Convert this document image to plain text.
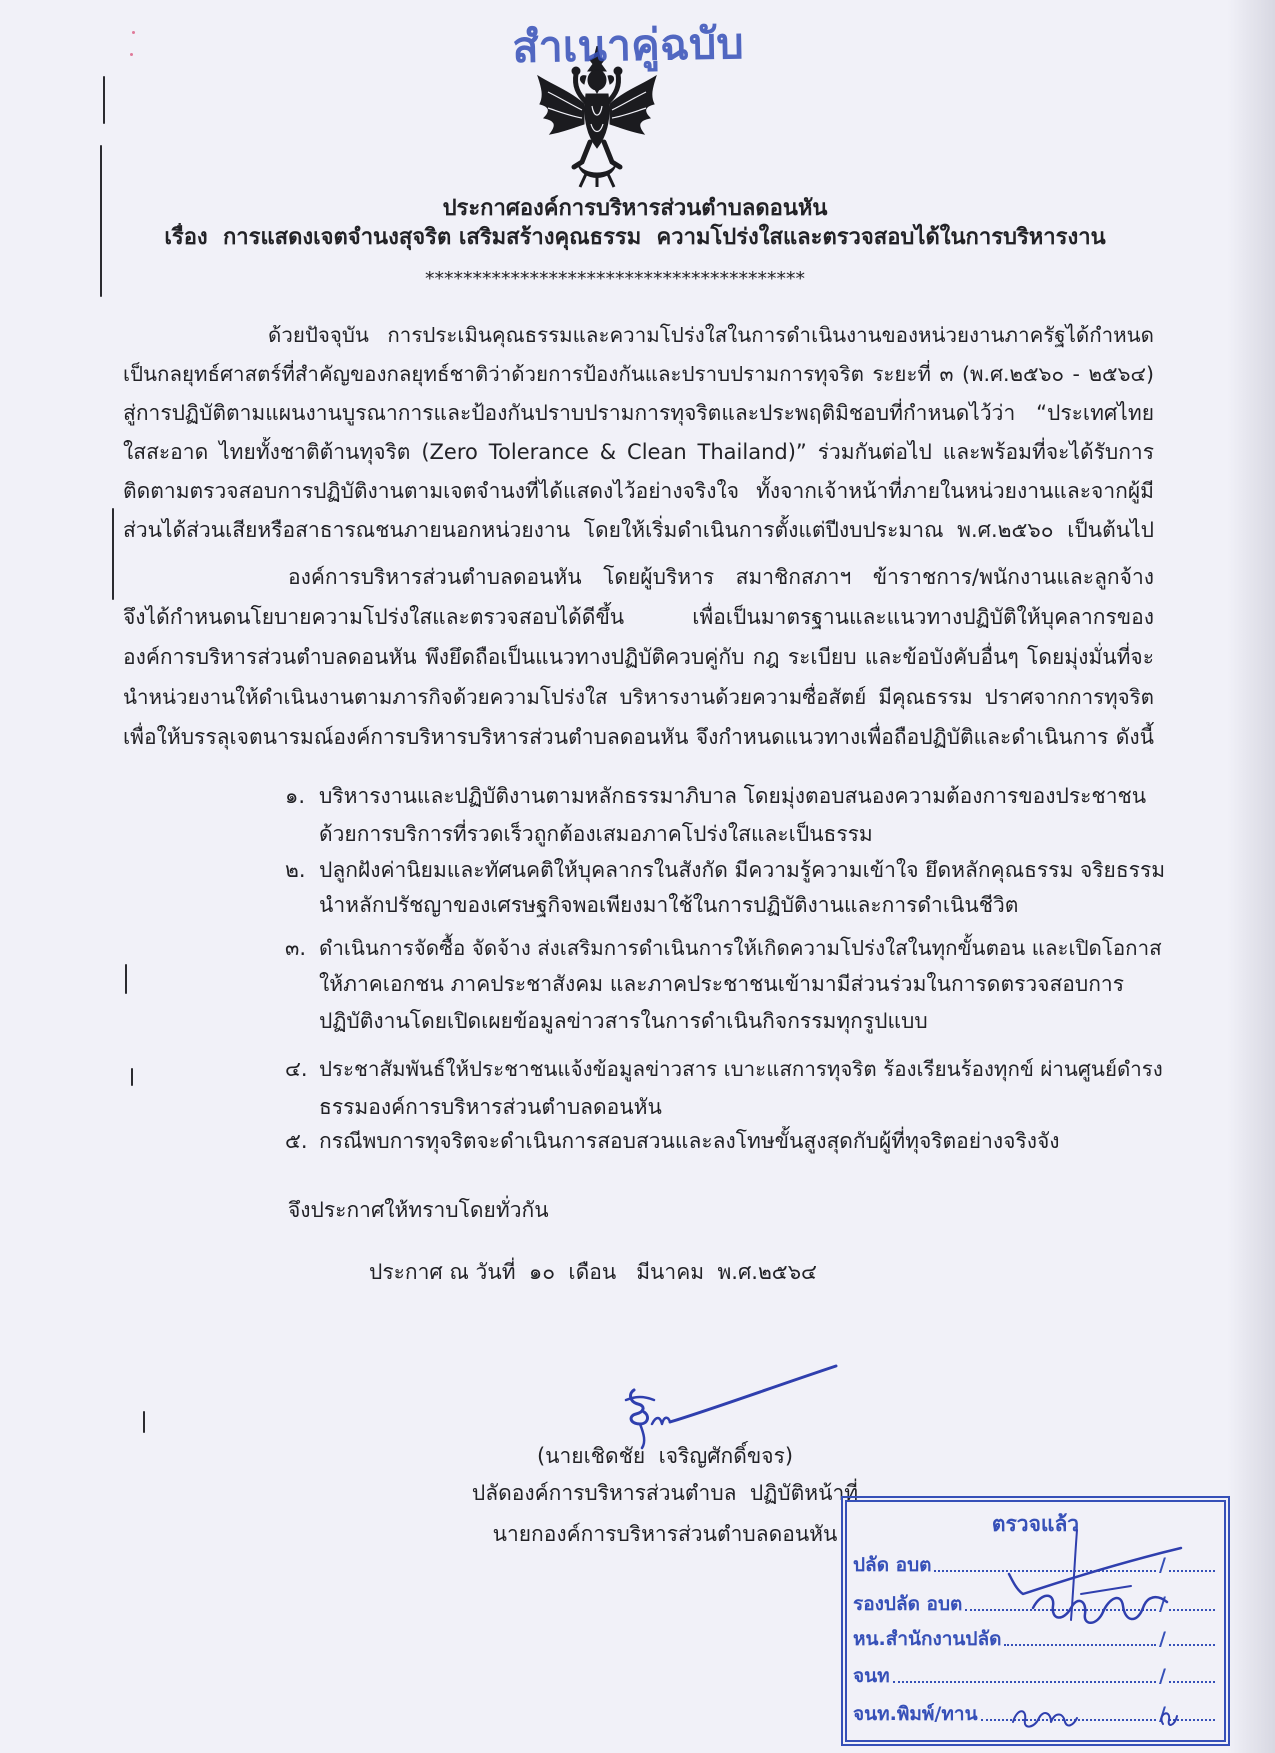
สำเนาคู่ฉบับ
ประกาศองค์การบริหารส่วนตำบลดอนหัน
เรื่อง  การแสดงเจตจำนงสุจริต เสริมสร้างคุณธรรม  ความโปร่งใสและตรวจสอบได้ในการบริหารงาน
****************************************
ด้วยปัจจุบัน การประเมินคุณธรรมและความโปร่งใสในการดำเนินงานของหน่วยงานภาครัฐได้กำหนด
เป็นกลยุทธ์ศาสตร์ที่สำคัญของกลยุทธ์ชาติว่าด้วยการป้องกันและปราบปรามการทุจริต ระยะที่ ๓ (พ.ศ.๒๕๖๐ - ๒๕๖๔)
สู่การปฏิบัติตามแผนงานบูรณาการและป้องกันปราบปรามการทุจริตและประพฤติมิชอบที่กำหนดไว้ว่า “ประเทศไทย
ใสสะอาด ไทยทั้งชาติต้านทุจริต (Zero Tolerance & Clean Thailand)” ร่วมกันต่อไป และพร้อมที่จะได้รับการ
ติดตามตรวจสอบการปฏิบัติงานตามเจตจำนงที่ได้แสดงไว้อย่างจริงใจ ทั้งจากเจ้าหน้าที่ภายในหน่วยงานและจากผู้มี
ส่วนได้ส่วนเสียหรือสาธารณชนภายนอกหน่วยงาน โดยให้เริ่มดำเนินการตั้งแต่ปีงบประมาณ พ.ศ.๒๕๖๐ เป็นต้นไป
องค์การบริหารส่วนตำบลดอนหัน โดยผู้บริหาร สมาชิกสภาฯ ข้าราชการ/พนักงานและลูกจ้าง
จึงได้กำหนดนโยบายความโปร่งใสและตรวจสอบได้ดีขึ้น เพื่อเป็นมาตรฐานและแนวทางปฏิบัติให้บุคลากรของ
องค์การบริหารส่วนตำบลดอนหัน พึงยึดถือเป็นแนวทางปฏิบัติควบคู่กับ กฎ ระเบียบ และข้อบังคับอื่นๆ โดยมุ่งมั่นที่จะ
นำหน่วยงานให้ดำเนินงานตามภารกิจด้วยความโปร่งใส บริหารงานด้วยความซื่อสัตย์ มีคุณธรรม ปราศจากการทุจริต
เพื่อให้บรรลุเจตนารมณ์องค์การบริหารบริหารส่วนตำบลดอนหัน จึงกำหนดแนวทางเพื่อถือปฏิบัติและดำเนินการ ดังนี้
๑. บริหารงานและปฏิบัติงานตามหลักธรรมาภิบาล โดยมุ่งตอบสนองความต้องการของประชาชน
ด้วยการบริการที่รวดเร็วถูกต้องเสมอภาคโปร่งใสและเป็นธรรม
๒. ปลูกฝังค่านิยมและทัศนคติให้บุคลากรในสังกัด มีความรู้ความเข้าใจ ยึดหลักคุณธรรม จริยธรรม
นำหลักปรัชญาของเศรษฐกิจพอเพียงมาใช้ในการปฏิบัติงานและการดำเนินชีวิต
๓. ดำเนินการจัดซื้อ จัดจ้าง ส่งเสริมการดำเนินการให้เกิดความโปร่งใสในทุกขั้นตอน และเปิดโอกาส
ให้ภาคเอกชน ภาคประชาสังคม และภาคประชาชนเข้ามามีส่วนร่วมในการดตรวจสอบการ
ปฏิบัติงานโดยเปิดเผยข้อมูลข่าวสารในการดำเนินกิจกรรมทุกรูปแบบ
๔. ประชาสัมพันธ์ให้ประชาชนแจ้งข้อมูลข่าวสาร เบาะแสการทุจริต ร้องเรียนร้องทุกข์ ผ่านศูนย์ดำรง
ธรรมองค์การบริหารส่วนตำบลดอนหัน
๕. กรณีพบการทุจริตจะดำเนินการสอบสวนและลงโทษขั้นสูงสุดกับผู้ที่ทุจริตอย่างจริงจัง
จึงประกาศให้ทราบโดยทั่วกัน
ประกาศ ณ วันที่  ๑๐  เดือน   มีนาคม  พ.ศ.๒๕๖๔
(นายเชิดชัย  เจริญศักดิ์ขจร)
ปลัดองค์การบริหารส่วนตำบล  ปฏิบัติหน้าที่
นายกองค์การบริหารส่วนตำบลดอนหัน	ตรวจแล้ว
ปลัด อบต	/
รองปลัด อบต	/
หน.สำนักงานปลัด	/
จนท	/
จนท.พิมพ์/ทาน	/
